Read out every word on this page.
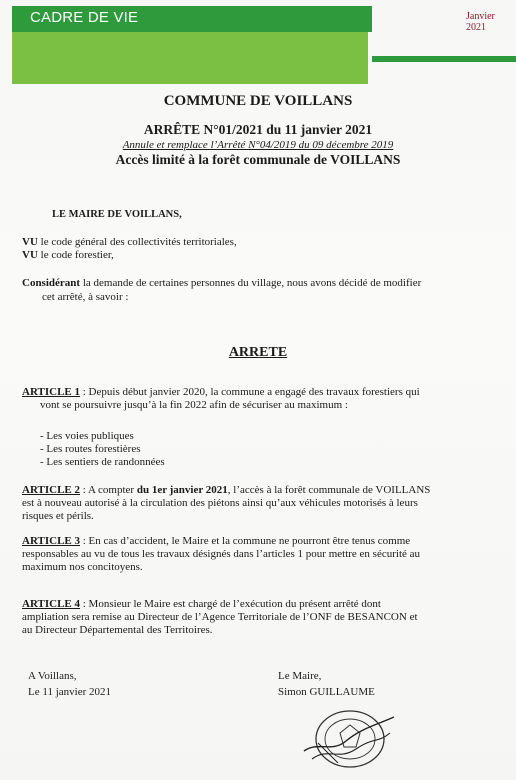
CADRE DE VIE	Janvier 2021
COMMUNE DE VOILLANS
ARRÊTE N°01/2021 du 11 janvier 2021
Annule et remplace l’Arrêté N°04/2019 du 09 décembre 2019
Accès limité à la forêt communale de VOILLANS
LE MAIRE DE VOILLANS,
VU le code général des collectivités territoriales,
VU le code forestier,
Considérant la demande de certaines personnes du village, nous avons décidé de modifier
cet arrêté, à savoir :
ARRETE
ARTICLE 1 : Depuis début janvier 2020, la commune a engagé des travaux forestiers qui
vont se poursuivre jusqu’à la fin 2022 afin de sécuriser au maximum :
- Les voies publiques
- Les routes forestières
- Les sentiers de randonnées
ARTICLE 2 : A compter du 1er janvier 2021, l’accès à la forêt communale de VOILLANS
est à nouveau autorisé à la circulation des piétons ainsi qu’aux véhicules motorisés à leurs
risques et périls.
ARTICLE 3 : En cas d’accident, le Maire et la commune ne pourront être tenus comme
responsables au vu de tous les travaux désignés dans l’articles 1 pour mettre en sécurité au
maximum nos concitoyens.
ARTICLE 4 : Monsieur le Maire est chargé de l’exécution du présent arrêté dont
ampliation sera remise au Directeur de l’Agence Territoriale de l’ONF de BESANCON et
au Directeur Départemental des Territoires.
A Voillans,
Le 11 janvier 2021
Le Maire,
Simon GUILLAUME
